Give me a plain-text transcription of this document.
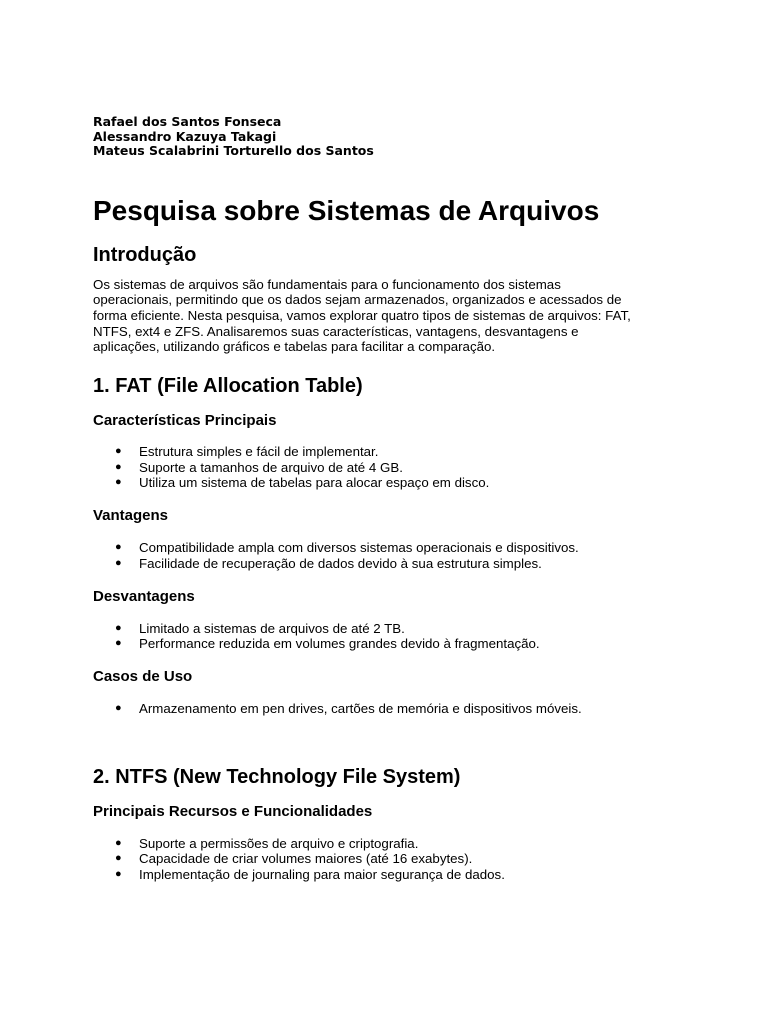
Rafael dos Santos Fonseca
Alessandro Kazuya Takagi
Mateus Scalabrini Torturello dos Santos
Pesquisa sobre Sistemas de Arquivos
Introdução

Os sistemas de arquivos são fundamentais para o funcionamento dos sistemas
operacionais, permitindo que os dados sejam armazenados, organizados e acessados de
forma eficiente. Nesta pesquisa, vamos explorar quatro tipos de sistemas de arquivos: FAT,
NTFS, ext4 e ZFS. Analisaremos suas características, vantagens, desvantagens e
aplicações, utilizando gráficos e tabelas para facilitar a comparação.

1. FAT (File Allocation Table)
Características Principais
● Estrutura simples e fácil de implementar.
● Suporte a tamanhos de arquivo de até 4 GB.
● Utiliza um sistema de tabelas para alocar espaço em disco.
Vantagens
● Compatibilidade ampla com diversos sistemas operacionais e dispositivos.
● Facilidade de recuperação de dados devido à sua estrutura simples.
Desvantagens
● Limitado a sistemas de arquivos de até 2 TB.
● Performance reduzida em volumes grandes devido à fragmentação.
Casos de Uso
● Armazenamento em pen drives, cartões de memória e dispositivos móveis.
2. NTFS (New Technology File System)
Principais Recursos e Funcionalidades
● Suporte a permissões de arquivo e criptografia.
● Capacidade de criar volumes maiores (até 16 exabytes).
● Implementação de journaling para maior segurança de dados.
